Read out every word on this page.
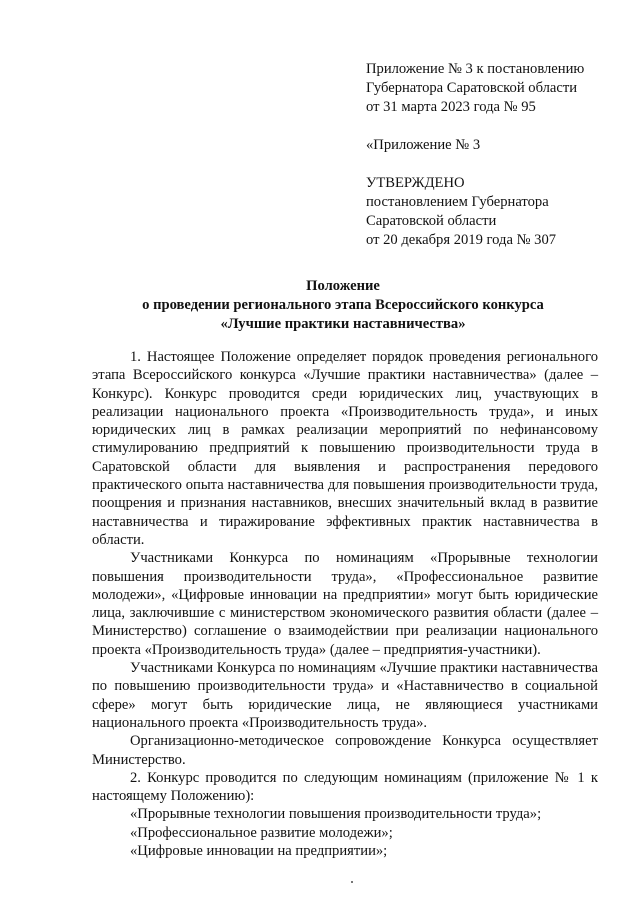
Приложение № 3 к постановлению
Губернатора Саратовской области
от 31 марта 2023 года № 95
«Приложение № 3
УТВЕРЖДЕНО
постановлением Губернатора
Саратовской области
от 20 декабря 2019 года № 307
Положение
о проведении регионального этапа Всероссийского конкурса
«Лучшие практики наставничества»

1. Настоящее Положение определяет порядок проведения регионального этапа Всероссийского конкурса «Лучшие практики наставничества» (далее – Конкурс). Конкурс проводится среди юридических лиц, участвующих в реализации национального проекта «Производительность труда», и иных юридических лиц в рамках реализации мероприятий по нефинансовому стимулированию предприятий к повышению производительности труда в Саратовской области для выявления и распространения передового практического опыта наставничества для повышения производительности труда, поощрения и признания наставников, внесших значительный вклад в развитие наставничества и тиражирование эффективных практик наставничества в области.

Участниками Конкурса по номинациям «Прорывные технологии повышения производительности труда», «Профессиональное развитие молодежи», «Цифровые инновации на предприятии» могут быть юридические лица, заключившие с министерством экономического развития области (далее – Министерство) соглашение о взаимодействии при реализации национального проекта «Производительность труда» (далее – предприятия-участники).

Участниками Конкурса по номинациям «Лучшие практики наставничества по повышению производительности труда» и «Наставничество в социальной сфере» могут быть юридические лица, не являющиеся участниками национального проекта «Производительность труда».

Организационно-методическое сопровождение Конкурса осуществляет Министерство.

2. Конкурс проводится по следующим номинациям (приложение № 1 к настоящему Положению):

«Прорывные технологии повышения производительности труда»;

«Профессиональное развитие молодежи»;

«Цифровые инновации на предприятии»;
